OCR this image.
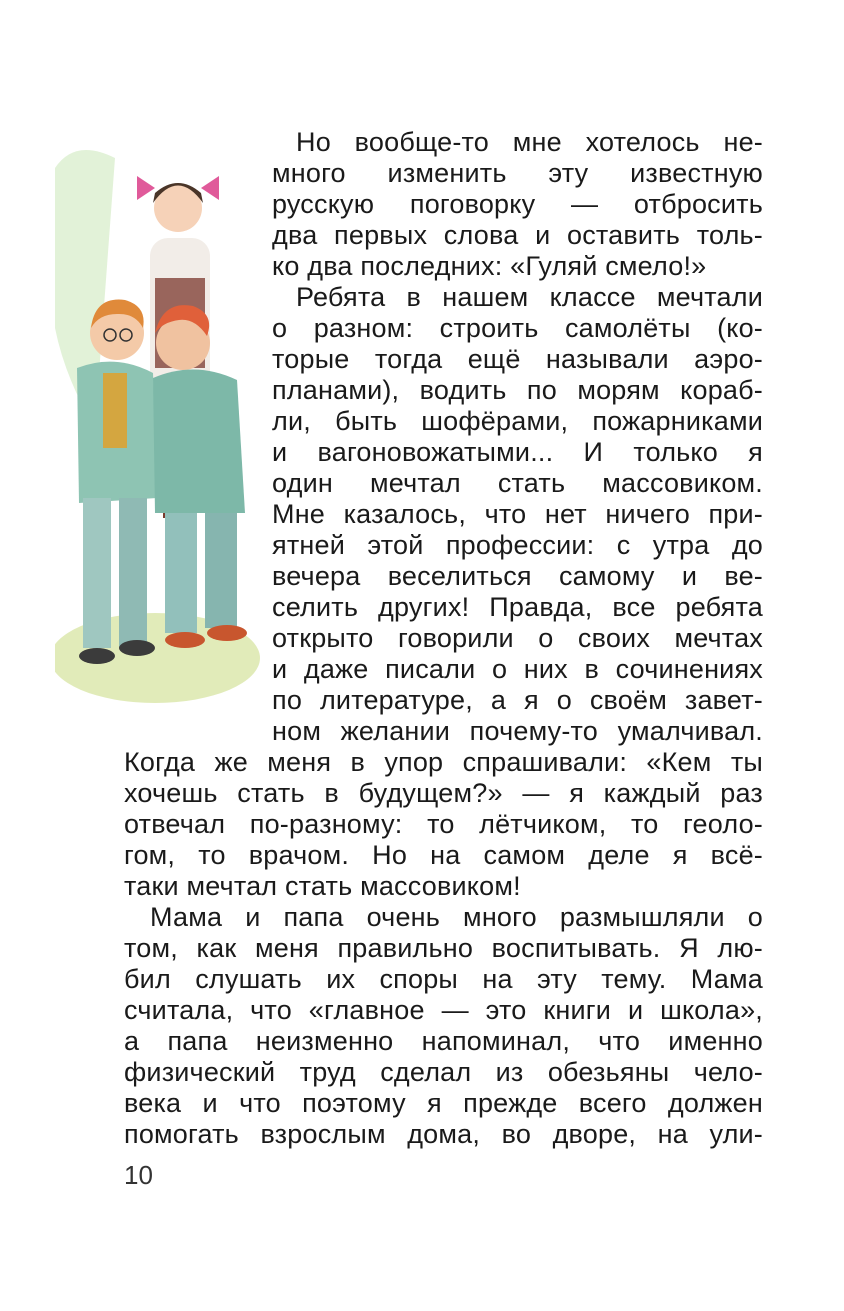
Но вообще-то мне хотелось не-
много изменить эту известную
русскую поговорку — отбросить
два первых слова и оставить толь-
ко два последних: «Гуляй смело!»
Ребята в нашем классе мечтали
о разном: строить самолёты (ко-
торые тогда ещё называли аэро-
планами), водить по морям кораб-
ли, быть шофёрами, пожарниками
и вагоновожатыми... И только я
один мечтал стать массовиком.
Мне казалось, что нет ничего при-
ятней этой профессии: с утра до
вечера веселиться самому и ве-
селить других! Правда, все ребята
открыто говорили о своих мечтах
и даже писали о них в сочинениях
по литературе, а я о своём завет-
ном желании почему-то умалчивал.
Когда же меня в упор спрашивали: «Кем ты
хочешь стать в будущем?» — я каждый раз
отвечал по-разному: то лётчиком, то геоло-
гом, то врачом. Но на самом деле я всё-
таки мечтал стать массовиком!
Мама и папа очень много размышляли о
том, как меня правильно воспитывать. Я лю-
бил слушать их споры на эту тему. Мама
считала, что «главное — это книги и школа»,
а папа неизменно напоминал, что именно
физический труд сделал из обезьяны чело-
века и что поэтому я прежде всего должен
помогать взрослым дома, во дворе, на ули-
10
